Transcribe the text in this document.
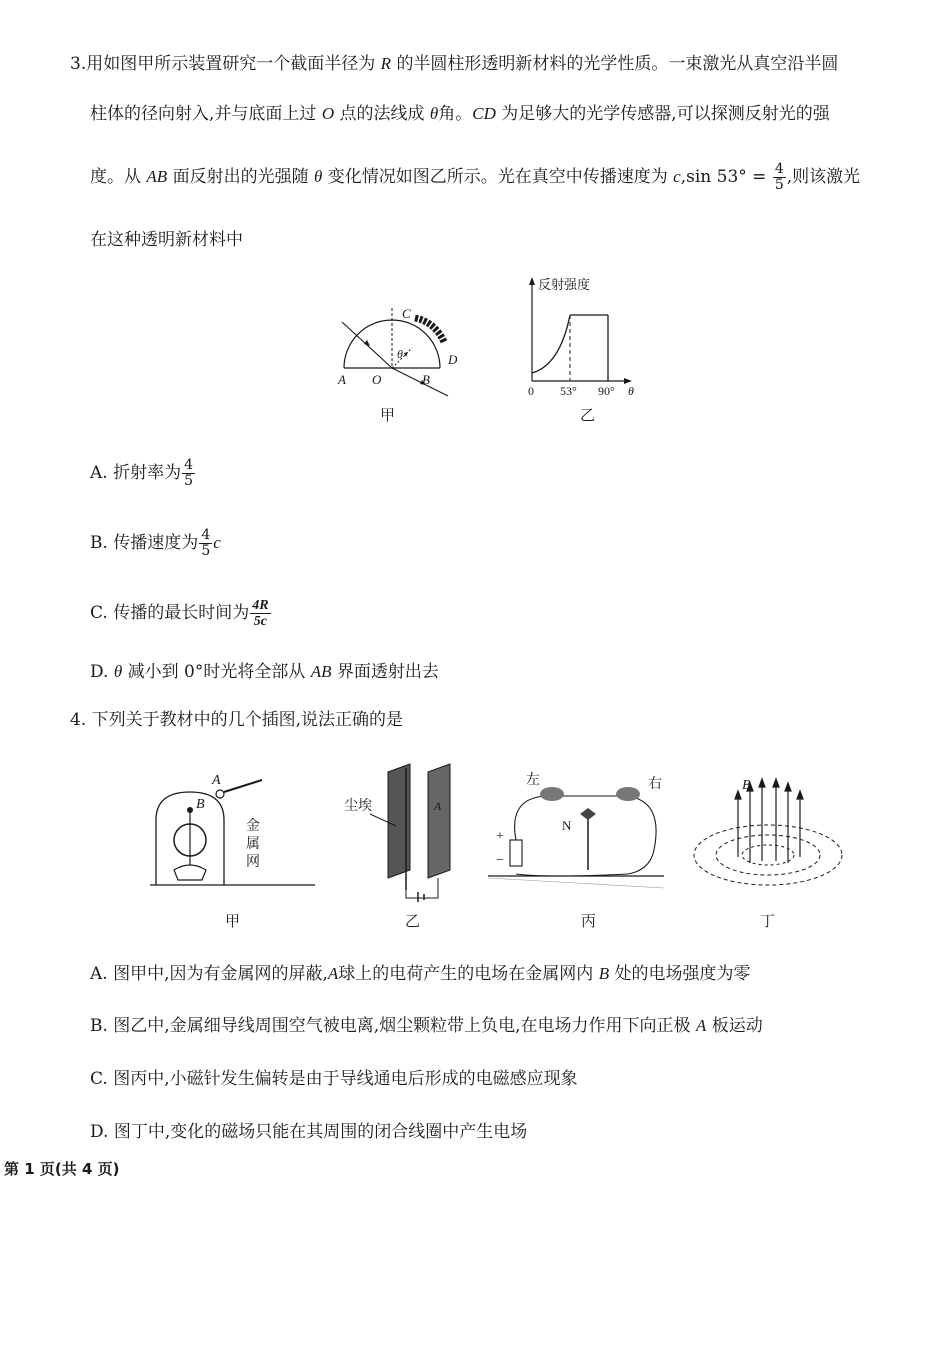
3.用如图甲所示装置研究一个截面半径为 R 的半圆柱形透明新材料的光学性质。一束激光从真空沿半圆
柱体的径向射入,并与底面上过 O 点的法线成 θ角。CD 为足够大的光学传感器,可以探测反射光的强
度。从 AB 面反射出的光强随 θ 变化情况如图乙所示。光在真空中传播速度为 c,sin $53^\circ = \frac{4}{5}$ ,则该激光
在这种透明新材料中
θ
C
D
A O	B
甲
反射强度
0 53° 90° θ
乙
A. 折射率为 $\frac{4}{5}$
B. 传播速度为 $\frac{4}{5}$ c
C. 传播的最长时间为 $\frac{4R}{5c}$
D. θ 减小到 0°时光将全部从 AB 界面透射出去
4. 下列关于教材中的几个插图,说法正确的是
A
B
金
属
网
甲
尘埃	A
乙
左	右
N
+
−
丙
B
丁
A. 图甲中,因为有金属网的屏蔽,A球上的电荷产生的电场在金属网内 B 处的电场强度为零
B. 图乙中,金属细导线周围空气被电离,烟尘颗粒带上负电,在电场力作用下向正极 A 板运动
C. 图丙中,小磁针发生偏转是由于导线通电后形成的电磁感应现象
D. 图丁中,变化的磁场只能在其周围的闭合线圈中产生电场
第 1 页(共 4 页)
